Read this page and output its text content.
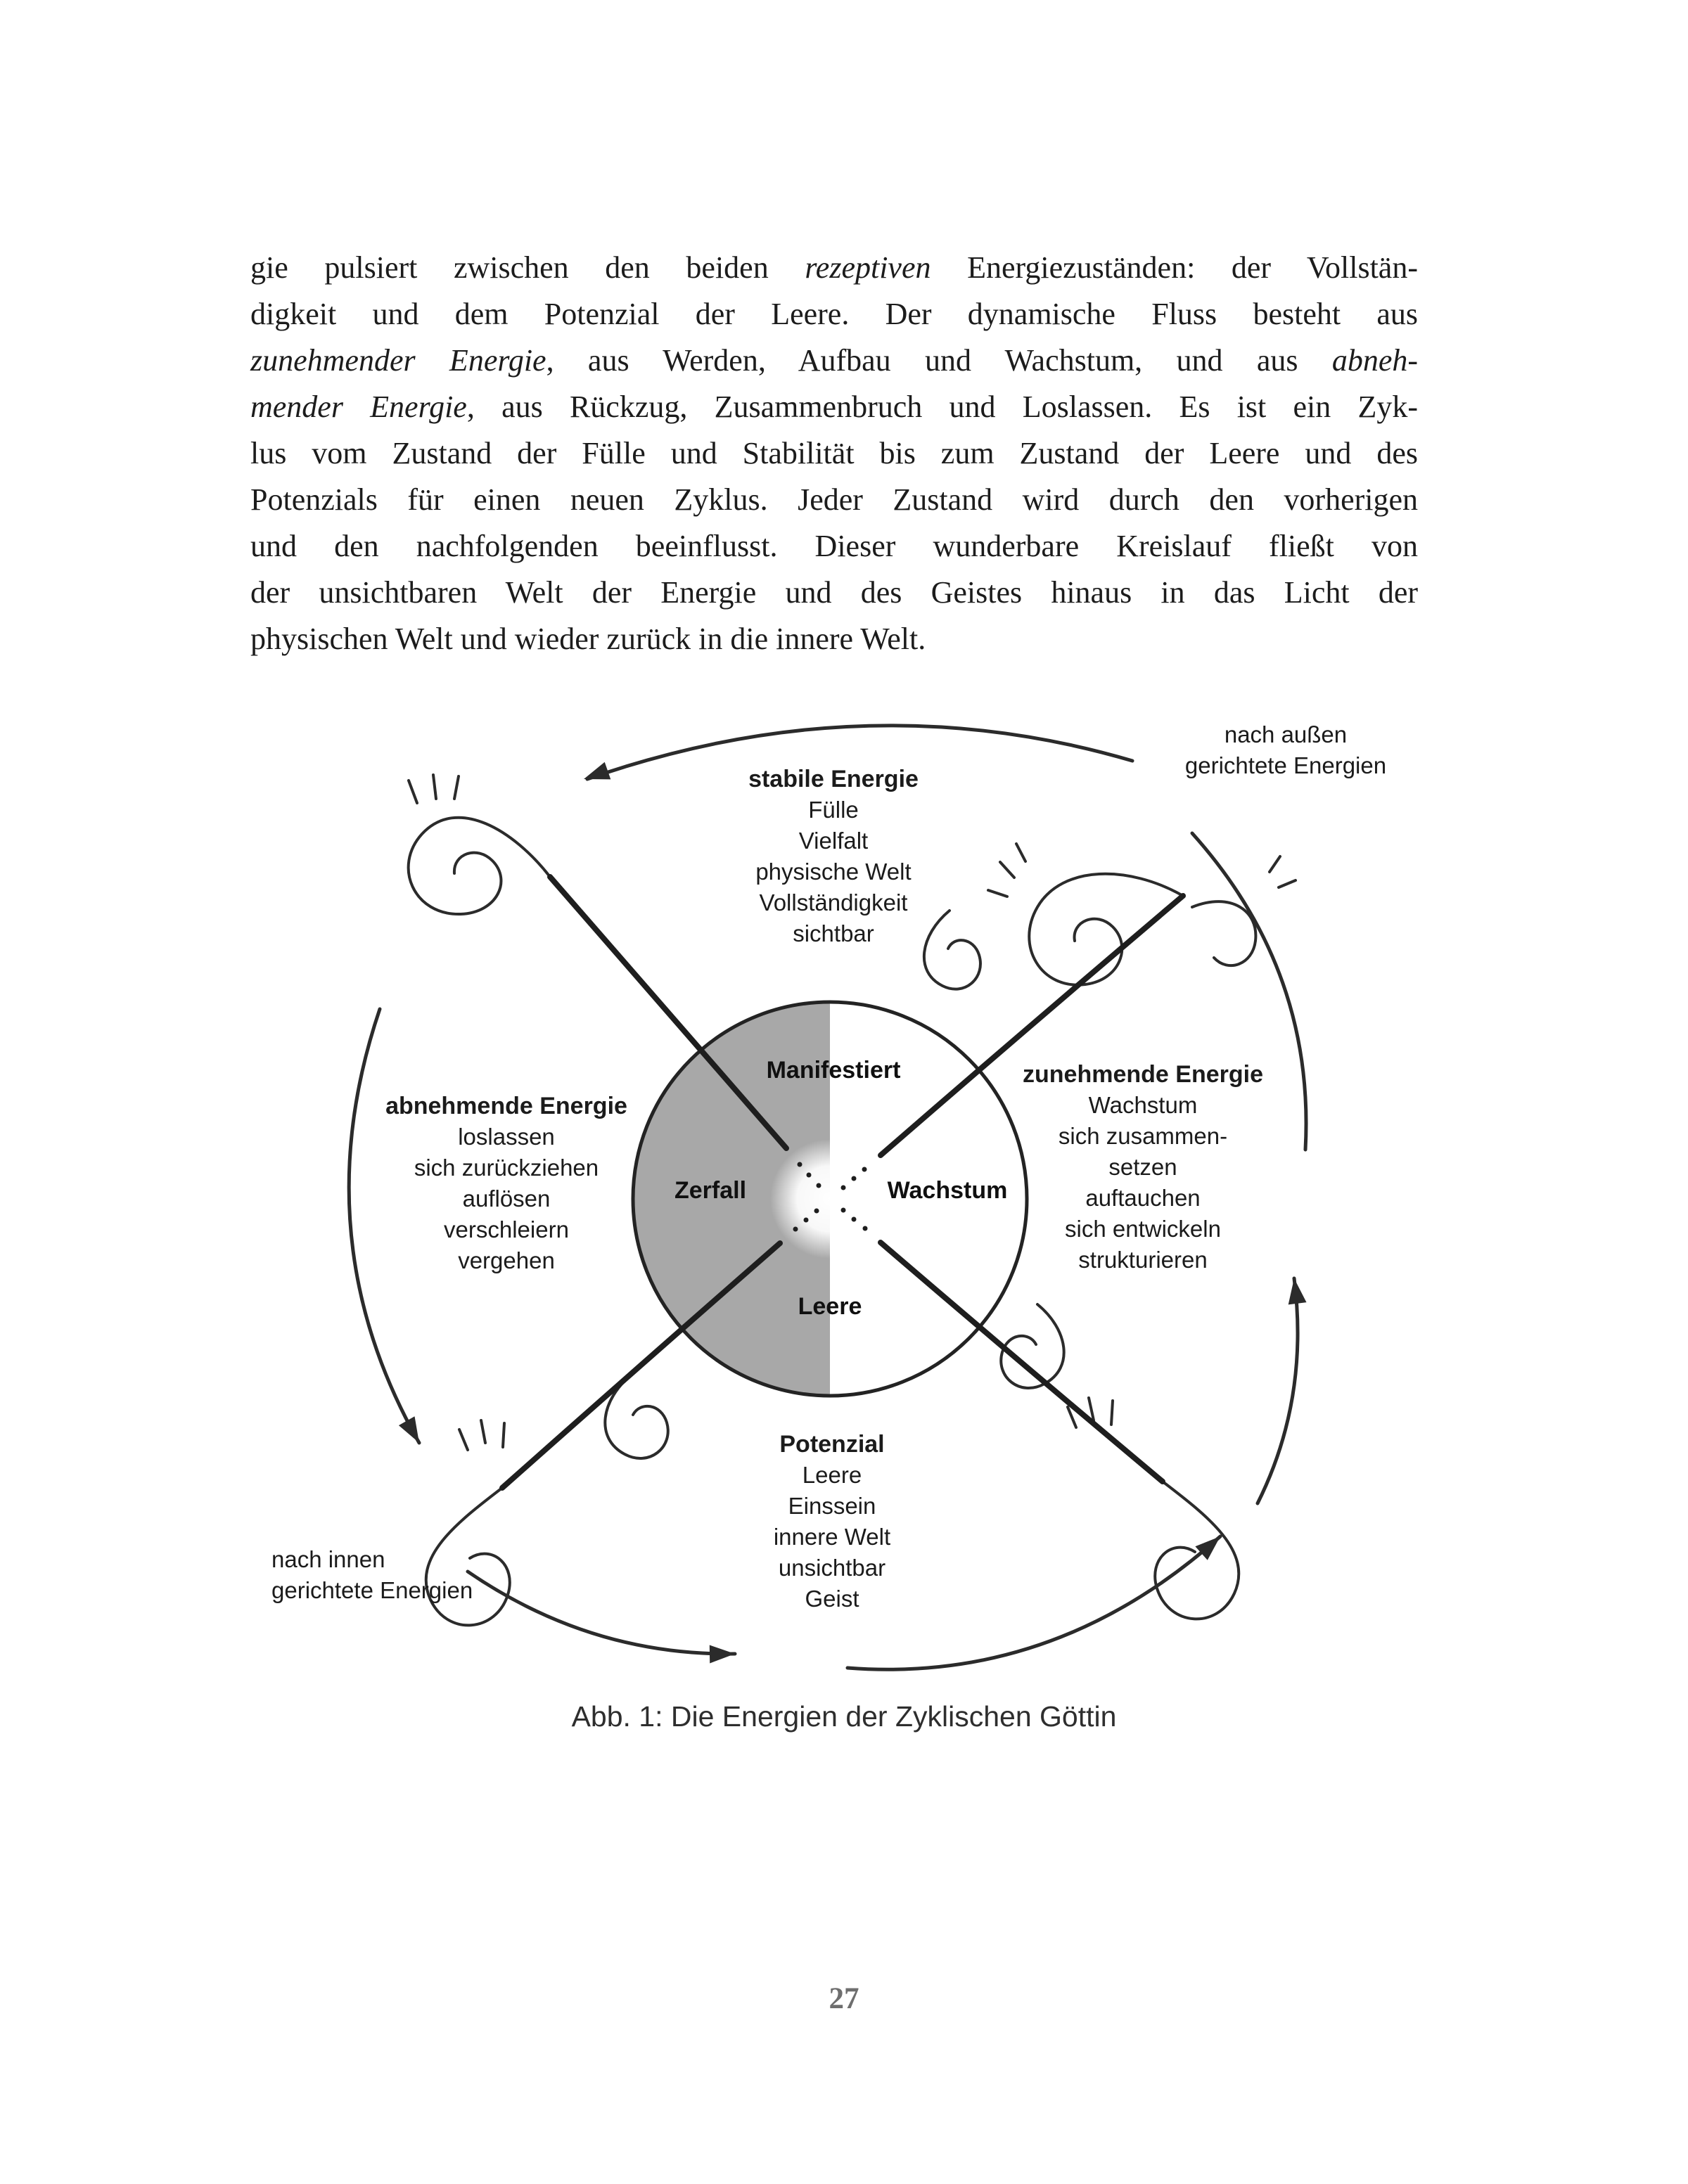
gie pulsiert zwischen den beiden rezeptiven Energiezuständen: der Vollstän-
digkeit und dem Potenzial der Leere. Der dynamische Fluss besteht aus
zunehmender Energie, aus Werden, Aufbau und Wachstum, und aus abneh-
mender Energie, aus Rückzug, Zusammenbruch und Loslassen. Es ist ein Zyk-
lus vom Zustand der Fülle und Stabilität bis zum Zustand der Leere und des
Potenzials für einen neuen Zyklus. Jeder Zustand wird durch den vorherigen
und den nachfolgenden beeinflusst. Dieser wunderbare Kreislauf fließt von
der unsichtbaren Welt der Energie und des Geistes hinaus in das Licht der
physischen Welt und wieder zurück in die innere Welt.

stabile Energie
Fülle
Vielfalt
physische Welt
Vollständigkeit
sichtbar
zunehmende Energie
Wachstum
sich zusammen-
setzen
auftauchen
sich entwickeln
strukturieren
abnehmende Energie
loslassen
sich zurückziehen
auflösen
verschleiern
vergehen
Potenzial
Leere
Einssein
innere Welt
unsichtbar
Geist
nach außen
gerichtete Energien
nach innen
gerichtete Energien
Manifestiert
Zerfall	Wachstum
Leere
Abb. 1: Die Energien der Zyklischen Göttin
27
